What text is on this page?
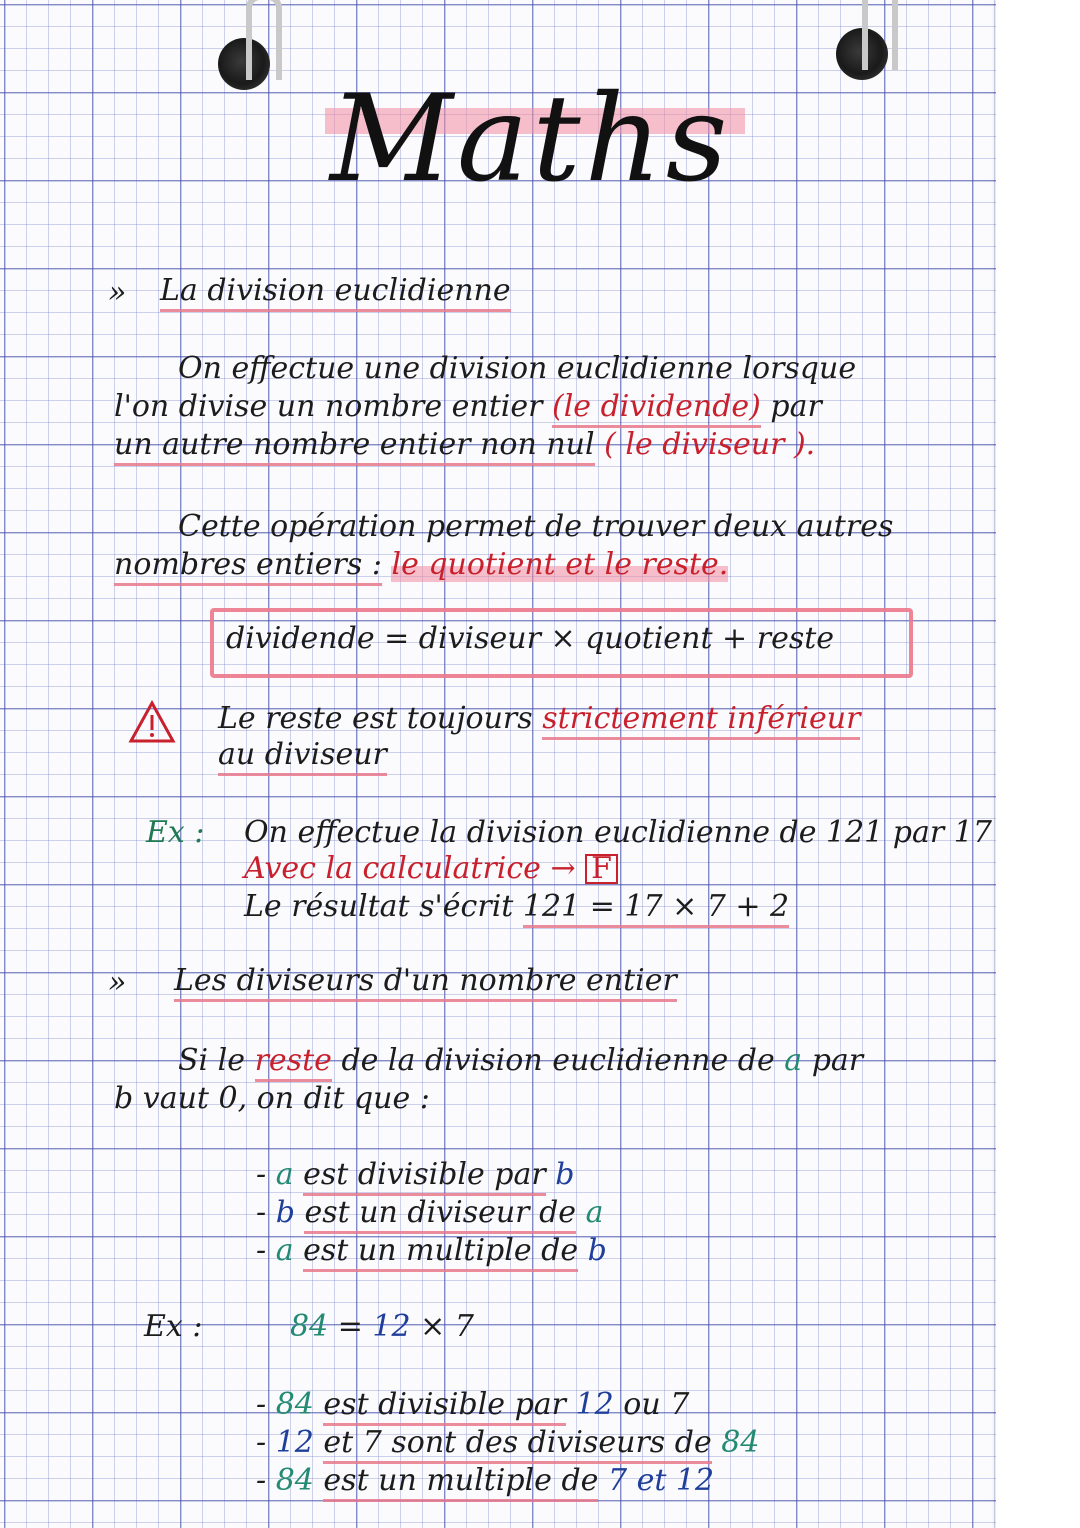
Maths
» La division euclidienne
On effectue une division euclidienne lorsque
l'on divise un nombre entier (le dividende) par
un autre nombre entier non nul ( le diviseur ).
Cette opération permet de trouver deux autres
nombres entiers : le quotient et le reste.
dividende = diviseur × quotient + reste
Le reste est toujours strictement inférieur
au diviseur
Ex : On effectue la division euclidienne de 121 par 17
Avec la calculatrice → F
Le résultat s'écrit 121 = 17 × 7 + 2
» Les diviseurs d'un nombre entier
Si le reste de la division euclidienne de a par
b vaut 0, on dit que :
- a est divisible par b
- b est un diviseur de a
- a est un multiple de b
Ex :	84 = 12 × 7
- 84 est divisible par 12 ou 7
- 12 et 7 sont des diviseurs de 84
- 84 est un multiple de 7 et 12
